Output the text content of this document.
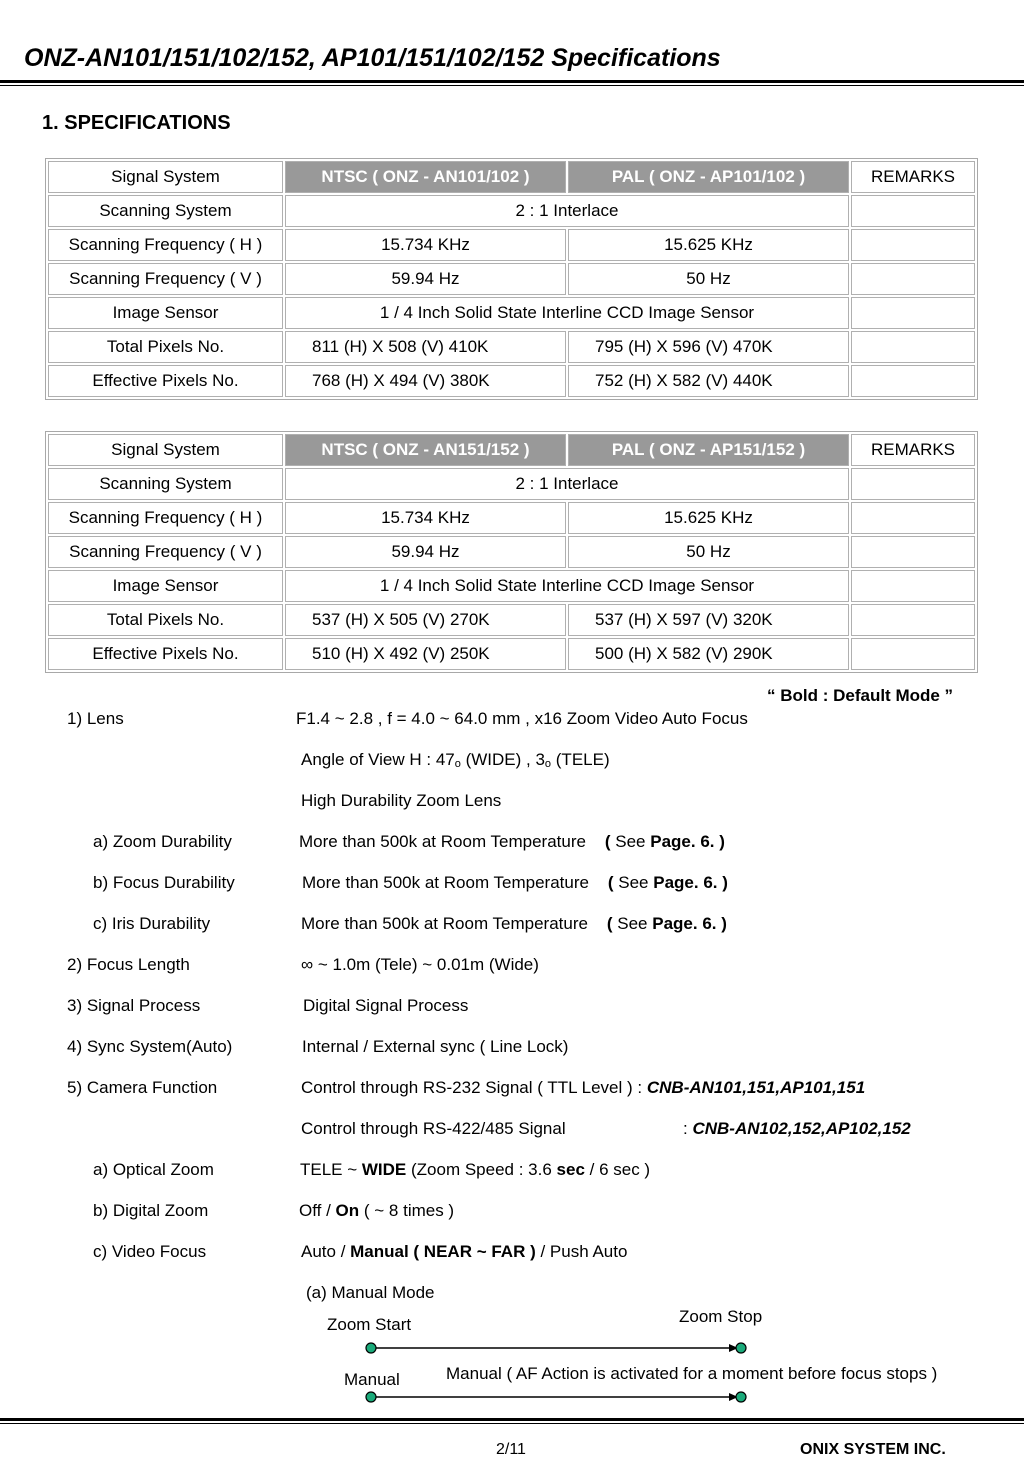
ONZ-AN101/151/102/152, AP101/151/102/152 Specifications
1. SPECIFICATIONS
Signal System	NTSC ( ONZ - AN101/102 )	PAL ( ONZ - AP101/102 )	REMARKS
Scanning System	2 : 1 Interlace		
Scanning Frequency ( H )	15.734 KHz	15.625 KHz	
Scanning Frequency ( V )	59.94 Hz	50 Hz	
Image Sensor	1 / 4 Inch Solid State Interline CCD Image Sensor		
Total Pixels No.	811 (H) X 508 (V) 410K	795 (H) X 596 (V) 470K	
Effective Pixels No.	768 (H) X 494 (V) 380K	752 (H) X 582 (V) 440K	
Signal System	NTSC ( ONZ - AN151/152 )	PAL ( ONZ - AP151/152 )	REMARKS
Scanning System	2 : 1 Interlace		
Scanning Frequency ( H )	15.734 KHz	15.625 KHz	
Scanning Frequency ( V )	59.94 Hz	50 Hz	
Image Sensor	1 / 4 Inch Solid State Interline CCD Image Sensor		
Total Pixels No.	537 (H) X 505 (V) 270K	537 (H) X 597 (V) 320K	
Effective Pixels No.	510 (H) X 492 (V) 250K	500 (H) X 582 (V) 290K	
“ Bold : Default Mode ”
1) Lens	F1.4 ~ 2.8 , f = 4.0 ~ 64.0 mm , x16 Zoom Video Auto Focus
Angle of View H : 47o (WIDE) , 3o (TELE)
High Durability Zoom Lens
a) Zoom Durability	More than 500k at Room Temperature ( See Page. 6. )
b) Focus Durability	More than 500k at Room Temperature ( See Page. 6. )
c) Iris Durability	More than 500k at Room Temperature ( See Page. 6. )
2) Focus Length	∞ ~ 1.0m (Tele) ~ 0.01m (Wide)
3) Signal Process	Digital Signal Process
4) Sync System(Auto)	Internal / External sync ( Line Lock)
5) Camera Function	Control through RS-232 Signal ( TTL Level ) : CNB-AN101,151,AP101,151
Control through RS-422/485 Signal	: CNB-AN102,152,AP102,152
a) Optical Zoom	TELE ~ WIDE (Zoom Speed : 3.6 sec / 6 sec )
b) Digital Zoom	Off / On ( ~ 8 times )
c) Video Focus	Auto / Manual ( NEAR ~ FAR ) / Push Auto
(a) Manual Mode
Zoom Start	Zoom Stop
Manual	Manual ( AF Action is activated for a moment before focus stops )
2/11	ONIX SYSTEM INC.
